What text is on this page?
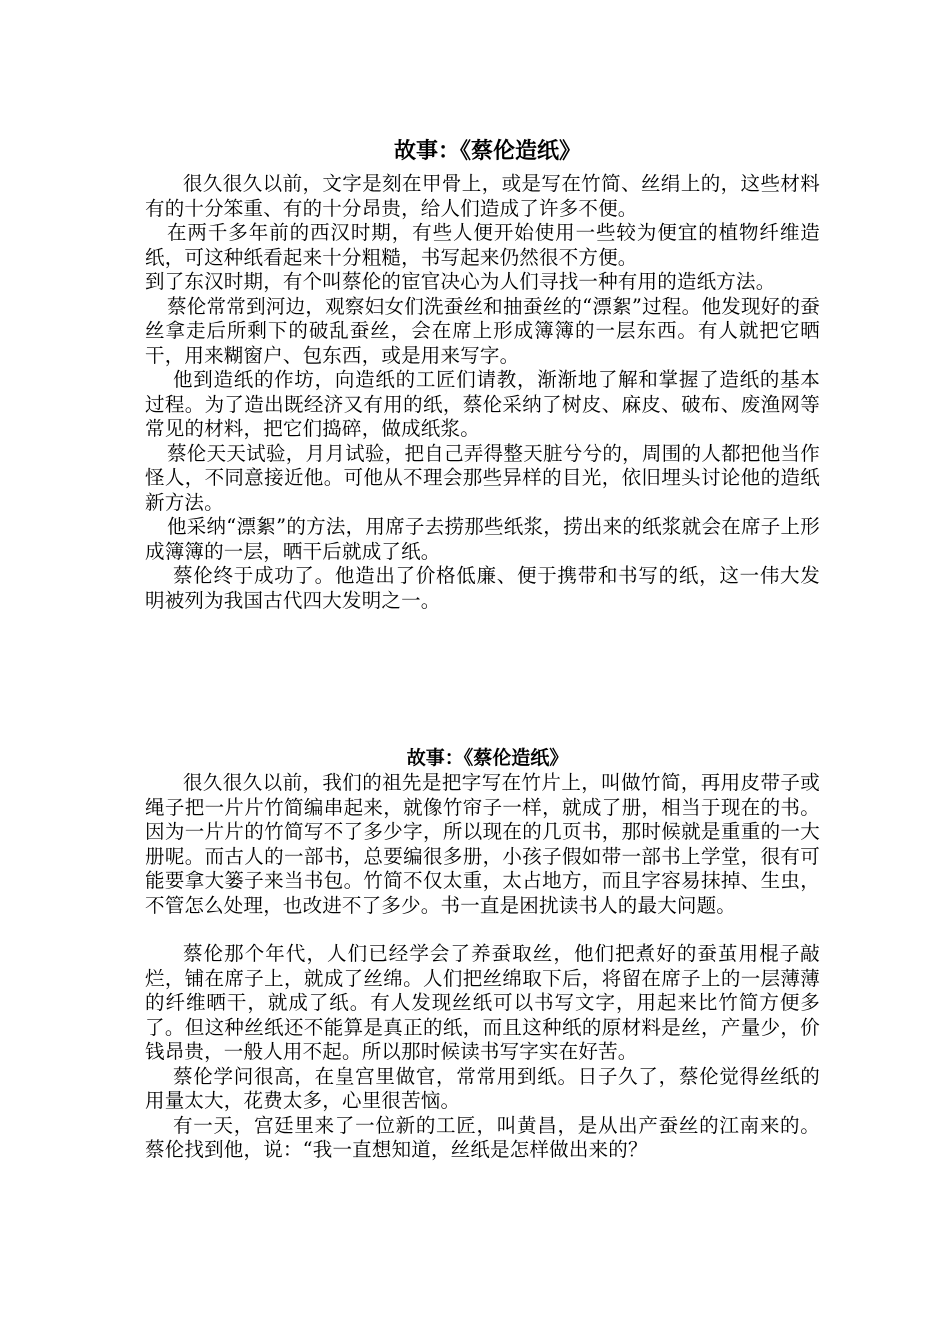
故事：《蔡伦造纸》

很久很久以前，文字是刻在甲骨上，或是写在竹简、丝绢上的，这些材料有的十分笨重、有的十分昂贵，给人们造成了许多不便。

在两千多年前的西汉时期，有些人便开始使用一些较为便宜的植物纤维造纸，可这种纸看起来十分粗糙，书写起来仍然很不方便。

到了东汉时期，有个叫蔡伦的宦官决心为人们寻找一种有用的造纸方法。

蔡伦常常到河边，观察妇女们洗蚕丝和抽蚕丝的“漂絮”过程。他发现好的蚕丝拿走后所剩下的破乱蚕丝，会在席上形成簿簿的一层东西。有人就把它晒干，用来糊窗户、包东西，或是用来写字。

他到造纸的作坊，向造纸的工匠们请教，渐渐地了解和掌握了造纸的基本过程。为了造出既经济又有用的纸，蔡伦采纳了树皮、麻皮、破布、废渔网等常见的材料，把它们捣碎，做成纸浆。

蔡伦天天试验，月月试验，把自己弄得整天脏兮兮的，周围的人都把他当作怪人，不同意接近他。可他从不理会那些异样的目光，依旧埋头讨论他的造纸新方法。

他采纳“漂絮”的方法，用席子去捞那些纸浆，捞出来的纸浆就会在席子上形成簿簿的一层，晒干后就成了纸。

蔡伦终于成功了。他造出了价格低廉、便于携带和书写的纸，这一伟大发明被列为我国古代四大发明之一。

故事：《蔡伦造纸》

很久很久以前，我们的祖先是把字写在竹片上，叫做竹简，再用皮带子或绳子把一片片竹简编串起来，就像竹帘子一样，就成了册，相当于现在的书。因为一片片的竹简写不了多少字，所以现在的几页书，那时候就是重重的一大册呢。而古人的一部书，总要编很多册，小孩子假如带一部书上学堂，很有可能要拿大篓子来当书包。竹简不仅太重，太占地方，而且字容易抹掉、生虫，不管怎么处理，也改进不了多少。书一直是困扰读书人的最大问题。

蔡伦那个年代，人们已经学会了养蚕取丝，他们把煮好的蚕茧用棍子敲烂，铺在席子上，就成了丝绵。人们把丝绵取下后，将留在席子上的一层薄薄的纤维晒干，就成了纸。有人发现丝纸可以书写文字，用起来比竹简方便多了。但这种丝纸还不能算是真正的纸，而且这种纸的原材料是丝，产量少，价钱昂贵，一般人用不起。所以那时候读书写字实在好苦。

蔡伦学问很高，在皇宫里做官，常常用到纸。日子久了，蔡伦觉得丝纸的用量太大，花费太多，心里很苦恼。

有一天，宫廷里来了一位新的工匠，叫黄昌，是从出产蚕丝的江南来的。蔡伦找到他，说：“我一直想知道，丝纸是怎样做出来的？
